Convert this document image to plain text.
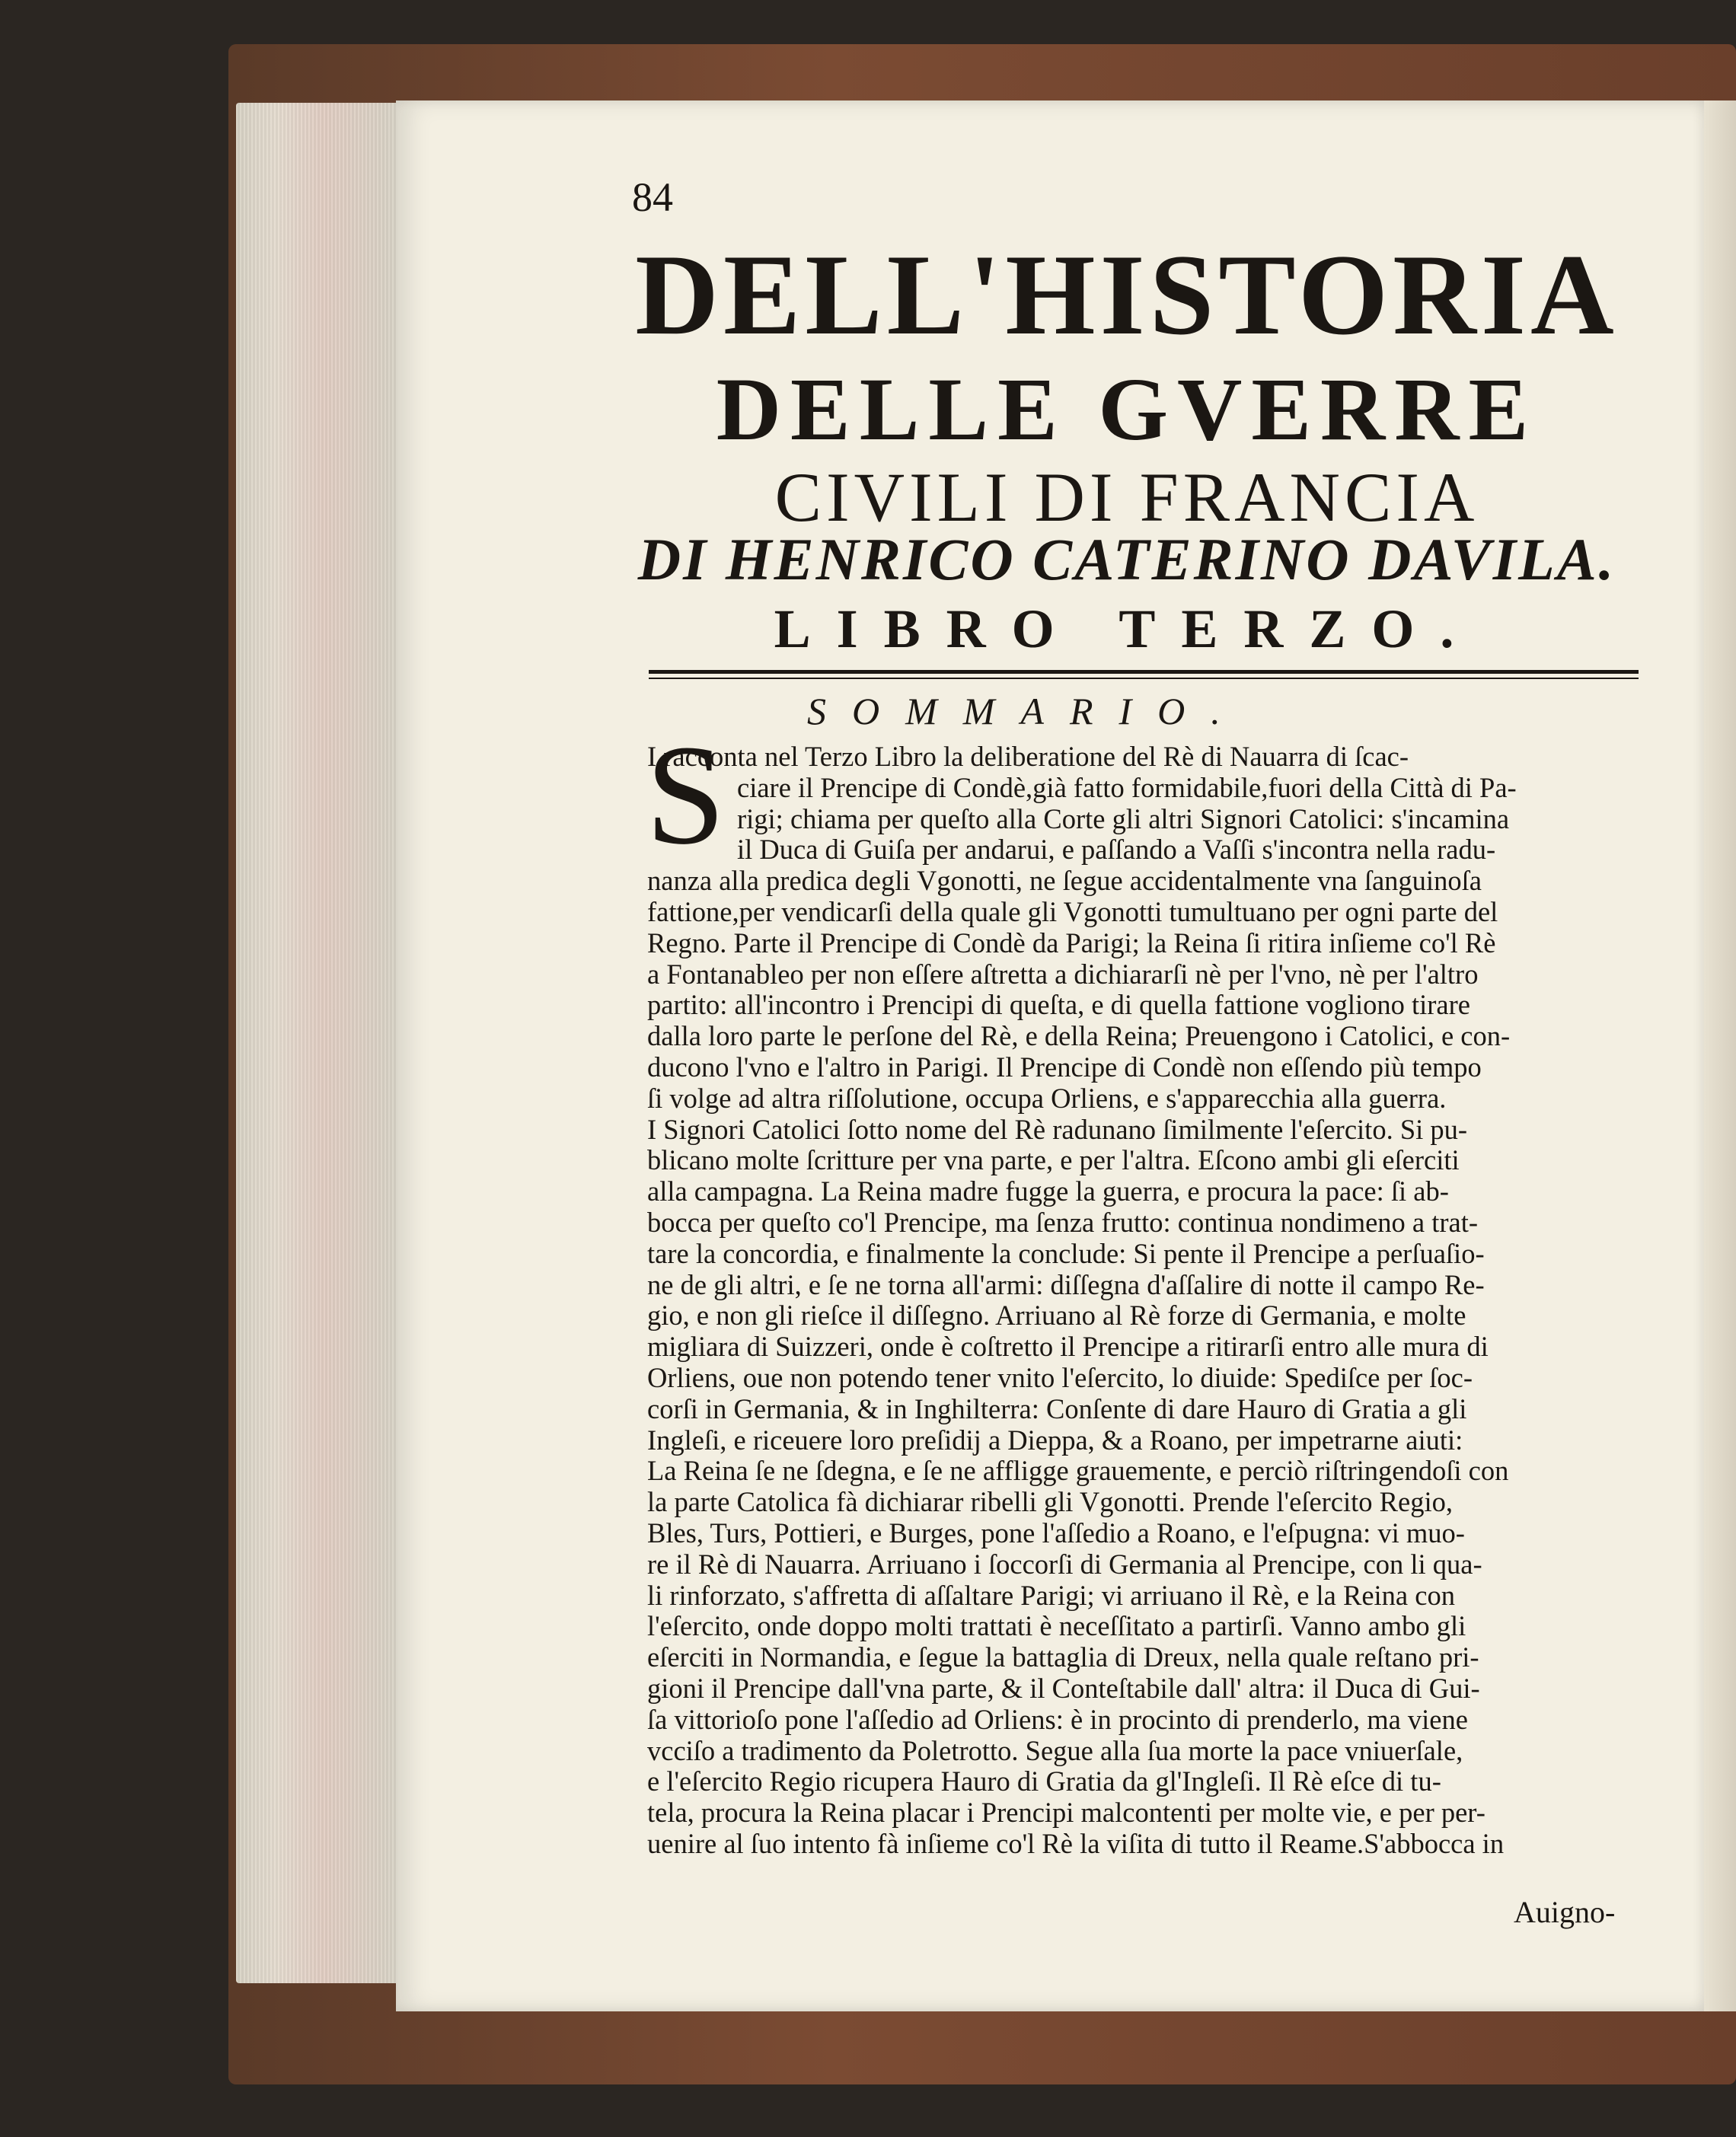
84
DELL'HISTORIA
DELLE GVERRE
CIVILI DI FRANCIA
DI HENRICO CATERINO DAVILA.
LIBRO TERZO.
SOMMARIO.
S
I racconta nel Terzo Libro la deliberatione del Rè di Nauarra di ſcac-
ciare il Prencipe di Condè,già fatto formidabile,fuori della Città di Pa-
rigi; chiama per queſto alla Corte gli altri Signori Catolici: s'incamina
il Duca di Guiſa per andarui, e paſſando a Vaſſi s'incontra nella radu-
nanza alla predica degli Vgonotti, ne ſegue accidentalmente vna ſanguinoſa
fattione,per vendicarſi della quale gli Vgonotti tumultuano per ogni parte del
Regno. Parte il Prencipe di Condè da Parigi; la Reina ſi ritira inſieme co'l Rè
a Fontanableo per non eſſere aſtretta a dichiararſi nè per l'vno, nè per l'altro
partito: all'incontro i Prencipi di queſta, e di quella fattione vogliono tirare
dalla loro parte le perſone del Rè, e della Reina; Preuengono i Catolici, e con-
ducono l'vno e l'altro in Parigi. Il Prencipe di Condè non eſſendo più tempo
ſi volge ad altra riſſolutione, occupa Orliens, e s'apparecchia alla guerra.
I Signori Catolici ſotto nome del Rè radunano ſimilmente l'eſercito. Si pu-
blicano molte ſcritture per vna parte, e per l'altra. Eſcono ambi gli eſerciti
alla campagna. La Reina madre fugge la guerra, e procura la pace: ſi ab-
bocca per queſto co'l Prencipe, ma ſenza frutto: continua nondimeno a trat-
tare la concordia, e finalmente la conclude: Si pente il Prencipe a perſuaſio-
ne de gli altri, e ſe ne torna all'armi: diſſegna d'aſſalire di notte il campo Re-
gio, e non gli rieſce il diſſegno. Arriuano al Rè forze di Germania, e molte
migliara di Suizzeri, onde è coſtretto il Prencipe a ritirarſi entro alle mura di
Orliens, oue non potendo tener vnito l'eſercito, lo diuide: Spediſce per ſoc-
corſi in Germania, & in Inghilterra: Conſente di dare Hauro di Gratia a gli
Ingleſi, e riceuere loro preſidij a Dieppa, & a Roano, per impetrarne aiuti:
La Reina ſe ne ſdegna, e ſe ne affligge grauemente, e perciò riſtringendoſi con
la parte Catolica fà dichiarar ribelli gli Vgonotti. Prende l'eſercito Regio,
Bles, Turs, Pottieri, e Burges, pone l'aſſedio a Roano, e l'eſpugna: vi muo-
re il Rè di Nauarra. Arriuano i ſoccorſi di Germania al Prencipe, con li qua-
li rinforzato, s'affretta di aſſaltare Parigi; vi arriuano il Rè, e la Reina con
l'eſercito, onde doppo molti trattati è neceſſitato a partirſi. Vanno ambo gli
eſerciti in Normandia, e ſegue la battaglia di Dreux, nella quale reſtano pri-
gioni il Prencipe dall'vna parte, & il Conteſtabile dall' altra: il Duca di Gui-
ſa vittorioſo pone l'aſſedio ad Orliens: è in procinto di prenderlo, ma viene
vcciſo a tradimento da Poletrotto. Segue alla ſua morte la pace vniuerſale,
e l'eſercito Regio ricupera Hauro di Gratia da gl'Ingleſi. Il Rè eſce di tu-
tela, procura la Reina placar i Prencipi malcontenti per molte vie, e per per-
uenire al ſuo intento fà inſieme co'l Rè la viſita di tutto il Reame.S'abbocca in
Auigno-
